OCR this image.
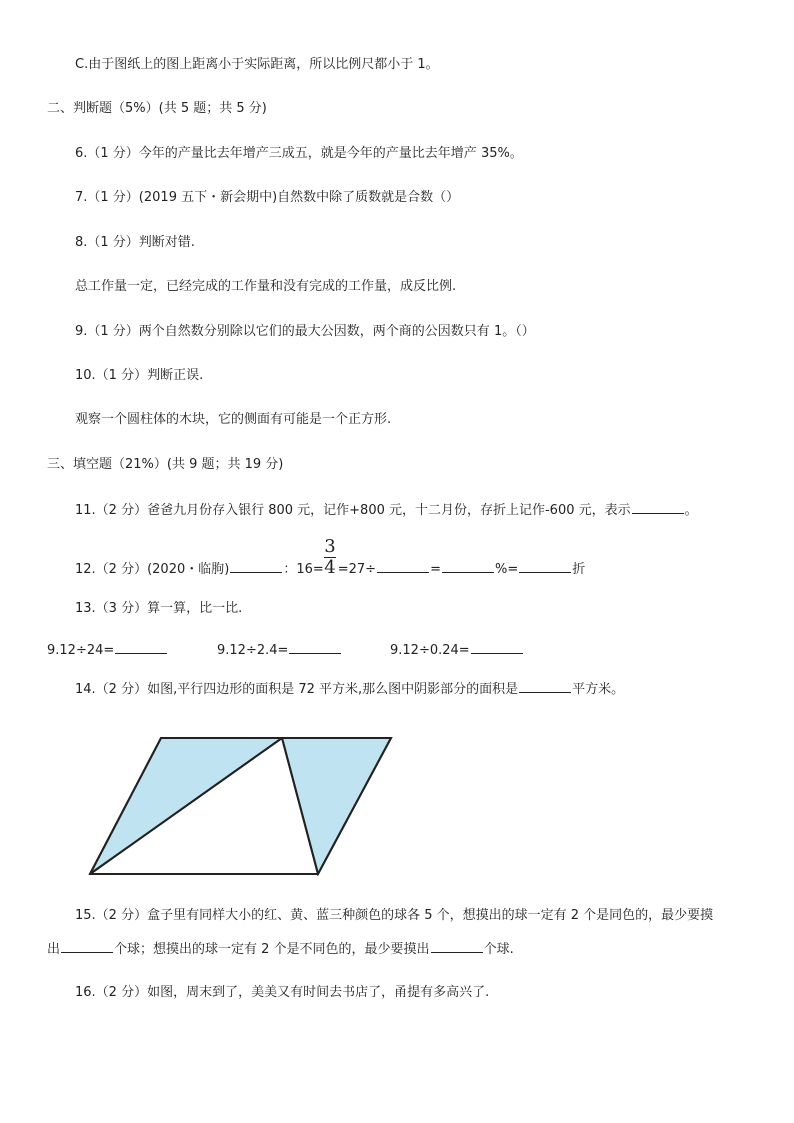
C.由于图纸上的图上距离小于实际距离，所以比例尺都小于 1。
二、判断题（5%）(共 5 题；共 5 分)
6.（1 分）今年的产量比去年增产三成五，就是今年的产量比去年增产 35%。
7.（1 分）(2019 五下・新会期中)自然数中除了质数就是合数（）
8.（1 分）判断对错.
总工作量一定，已经完成的工作量和没有完成的工作量，成反比例.
9.（1 分）两个自然数分别除以它们的最大公因数，两个商的公因数只有 1。（）
10.（1 分）判断正误.
观察一个圆柱体的木块，它的侧面有可能是一个正方形.
三、填空题（21%）(共 9 题；共 19 分)
11.（2 分）爸爸九月份存入银行 800 元，记作+800 元，十二月份，存折上记作-600 元，表示	。
12.（2 分）(2020・临朐)	：16= =27÷	=	%=	折
3
4
13.（3 分）算一算，比一比.
9.12÷24=	9.12÷2.4=	9.12÷0.24=
14.（2 分）如图,平行四边形的面积是 72 平方米,那么图中阴影部分的面积是	平方米。
15.（2 分）盒子里有同样大小的红、黄、蓝三种颜色的球各 5 个，想摸出的球一定有 2 个是同色的，最少要摸
出	个球；想摸出的球一定有 2 个是不同色的，最少要摸出	个球.
16.（2 分）如图，周末到了，美美又有时间去书店了，甬提有多高兴了.
